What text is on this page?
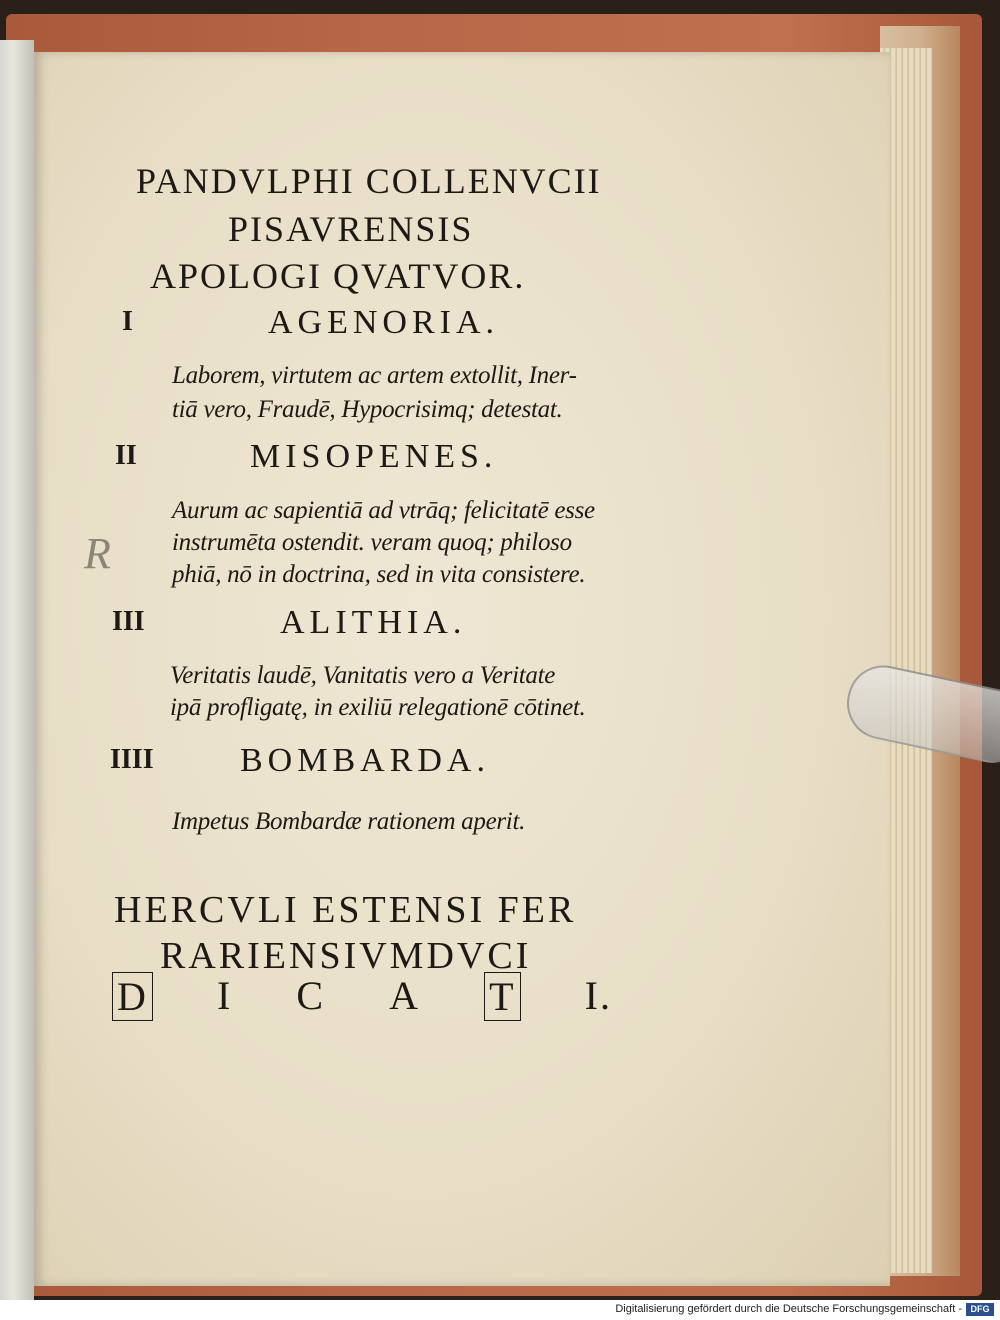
PANDVLPHI COLLENVCII
PISAVRENSIS
APOLOGI QVATVOR.
I	AGENORIA.
Laborem, virtutem ac artem extollit, Iner-
tiā vero, Fraudē, Hypocrisimq; detestat.
II	MISOPENES.
Aurum ac sapientiā ad vtrāq; felicitatē esse
instrumēta ostendit. veram quoq; philoso
phiā, nō in doctrina, sed in vita consistere.
III	ALITHIA.
Veritatis laudē, Vanitatis vero a Veritate
ipā profligatę, in exiliū relegationē cōtinet.
IIII	BOMBARDA.
Impetus Bombardæ rationem aperit.
HERCVLI ESTENSI FER
RARIENSIVMDVCI
D I C A T I.
R
Digitalisierung gefördert durch die Deutsche Forschungsgemeinschaft - DFG
